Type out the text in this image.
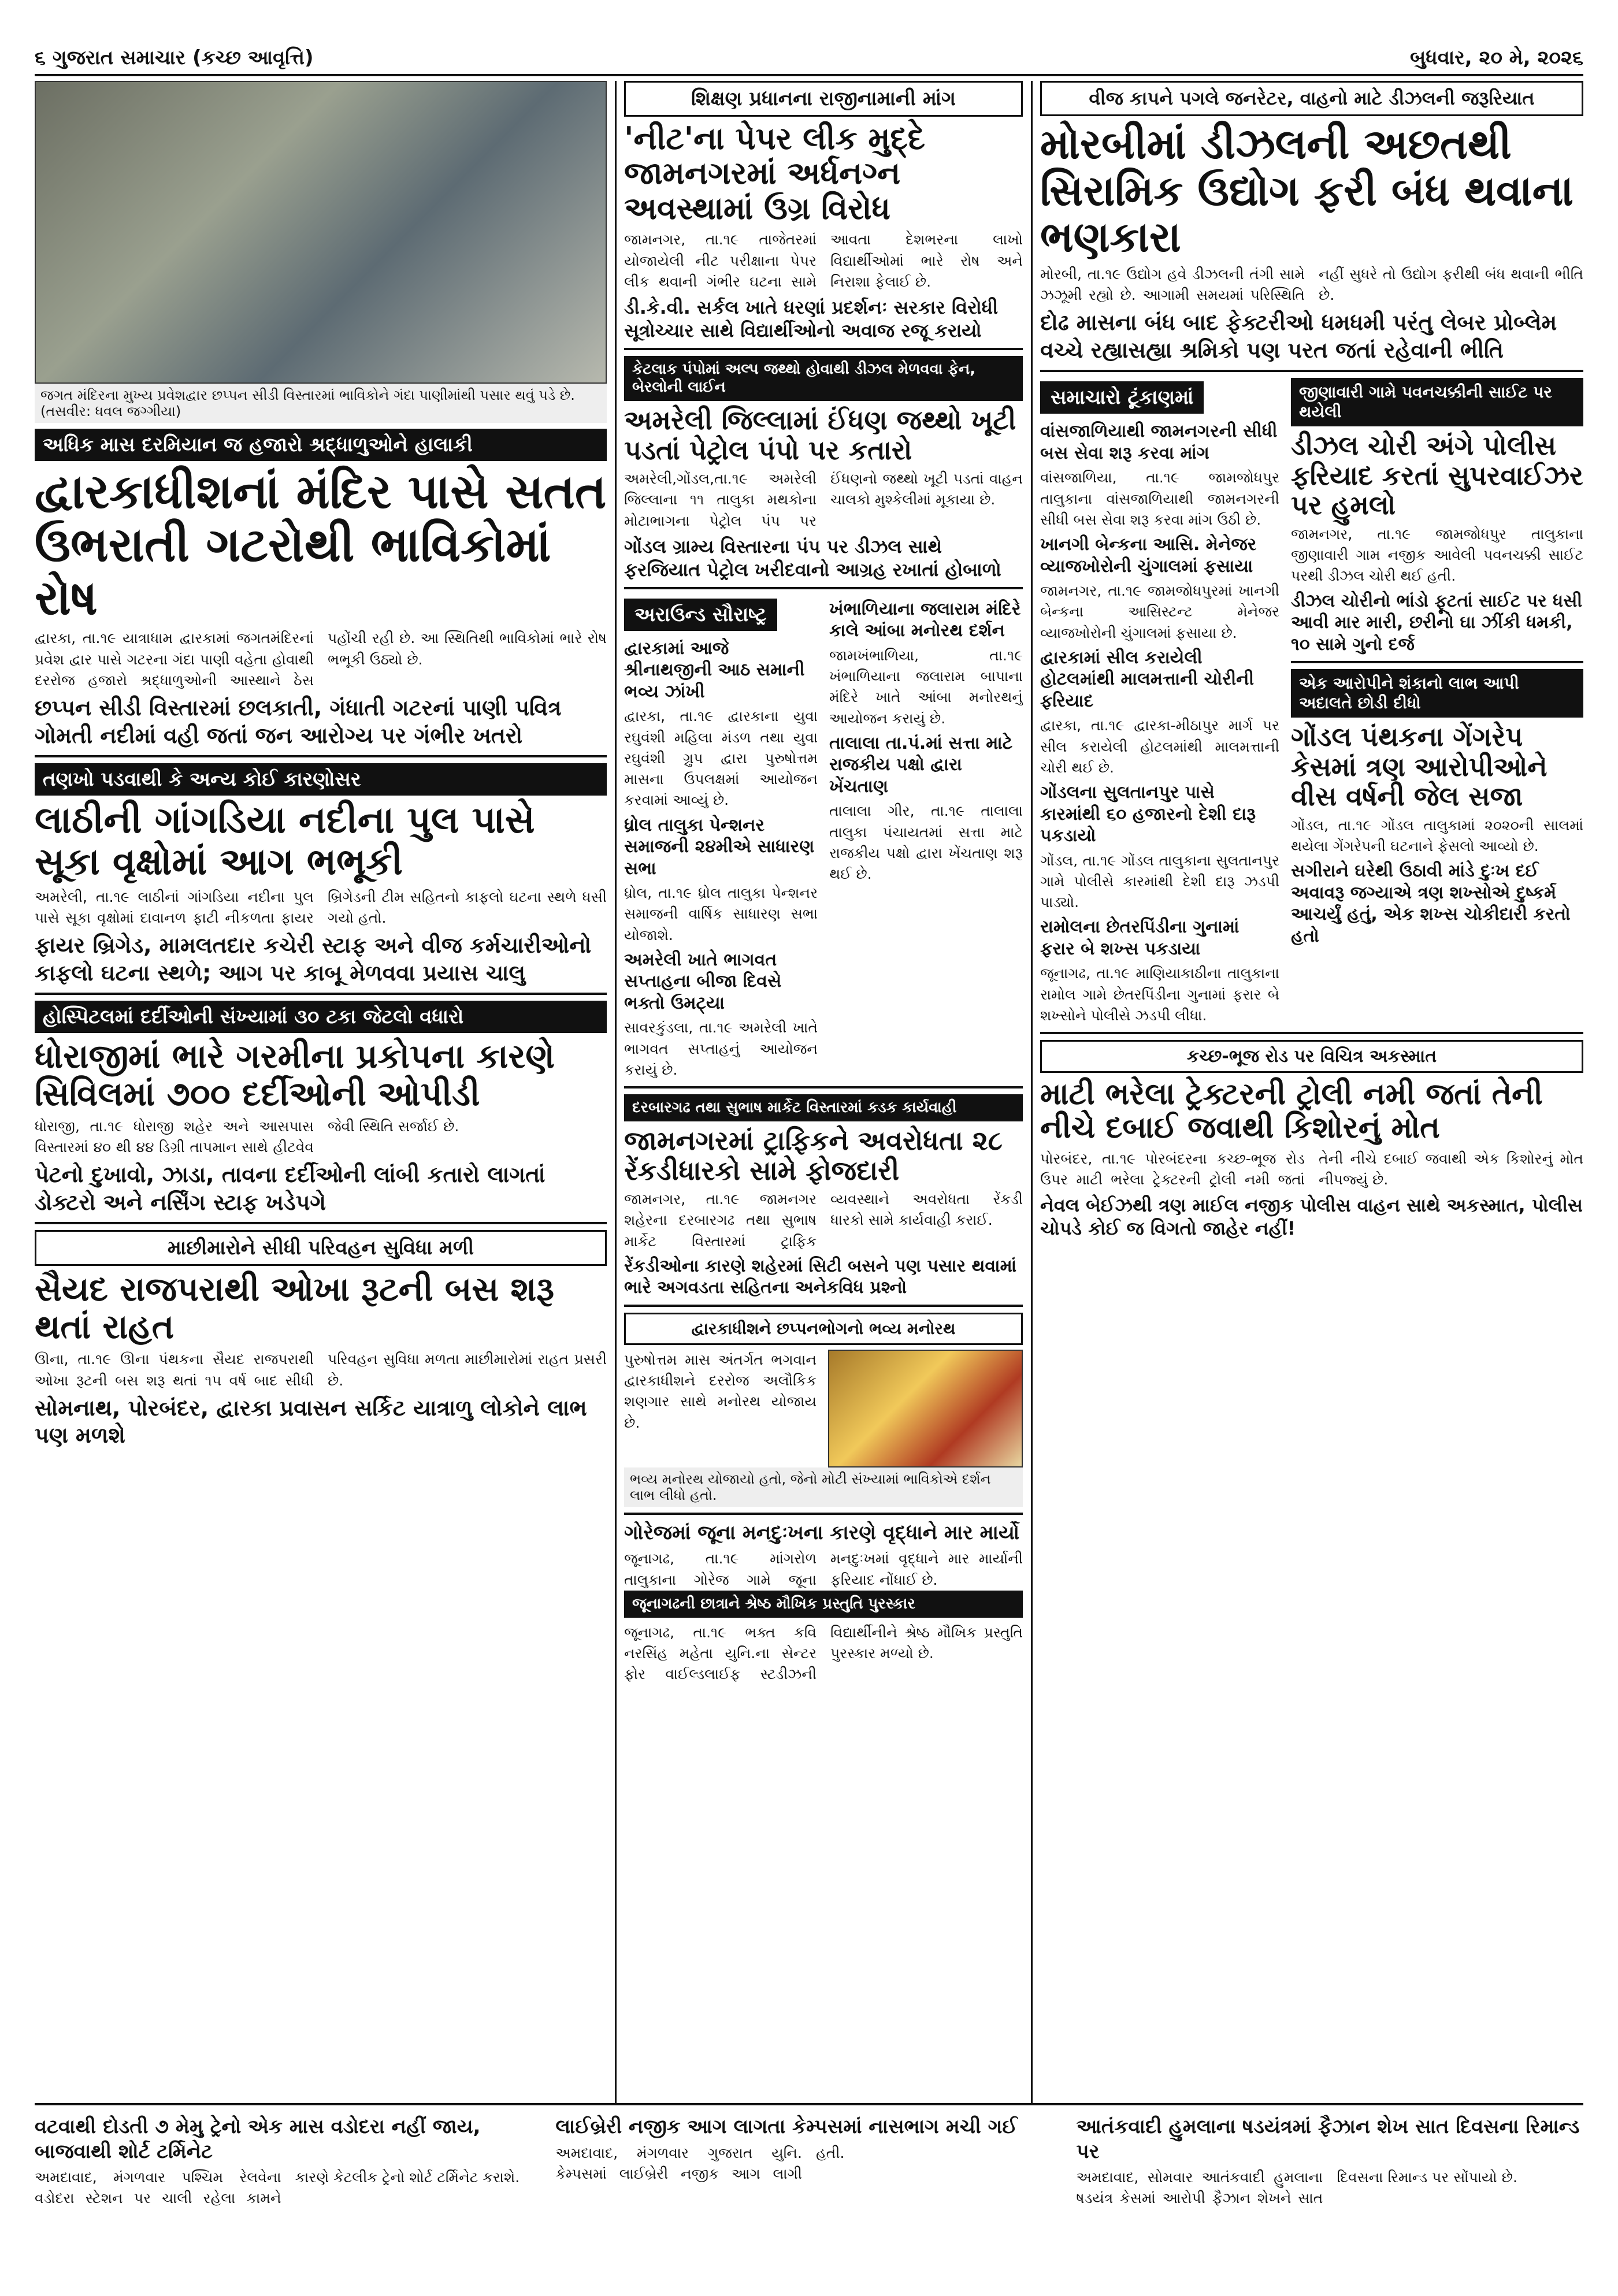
૬ ગુજરાત સમાચાર (કચ્છ આવૃત્તિ)	બુધવાર, ૨૦ મે, ૨૦૨૬
જગત મંદિરના મુખ્ય પ્રવેશદ્વાર છપ્પન સીડી વિસ્તારમાં ભાવિકોને ગંદા પાણીમાંથી પસાર થવું પડે છે. (તસવીર: ધવલ જગ્ગીયા)
અધિક માસ દરમિયાન જ હજારો શ્રદ્ધાળુઓને હાલાકી
દ્વારકાધીશનાં મંદિર પાસે સતત ઉભરાતી ગટરોથી ભાવિકોમાં રોષ
દ્વારકા, તા.૧૯ યાત્રાધામ દ્વારકામાં જગતમંદિરનાં પ્રવેશ દ્વાર પાસે ગટરના ગંદા પાણી વહેતા હોવાથી દરરોજ હજારો શ્રદ્ધાળુઓની આસ્થાને ઠેસ પહોંચી રહી છે. આ સ્થિતિથી ભાવિકોમાં ભારે રોષ ભભૂકી ઉઠ્યો છે.
છપ્પન સીડી વિસ્તારમાં છલકાતી, ગંધાતી ગટરનાં પાણી પવિત્ર ગોમતી નદીમાં વહી જતાં જન આરોગ્ય પર ગંભીર ખતરો
તણખો પડવાથી કે અન્ય કોઈ કારણોસર
લાઠીની ગાંગડિયા નદીના પુલ પાસે સૂકા વૃક્ષોમાં આગ ભભૂકી
અમરેલી, તા.૧૯ લાઠીનાં ગાંગડિયા નદીના પુલ પાસે સૂકા વૃક્ષોમાં દાવાનળ ફાટી નીકળતા ફાયર બ્રિગેડની ટીમ સહિતનો કાફલો ઘટના સ્થળે ધસી ગયો હતો.
ફાયર બ્રિગેડ, મામલતદાર કચેરી સ્ટાફ અને વીજ કર્મચારીઓનો કાફલો ઘટના સ્થળે; આગ પર કાબૂ મેળવવા પ્રયાસ ચાલુ
હોસ્પિટલમાં દર્દીઓની સંખ્યામાં ૩૦ ટકા જેટલો વધારો
ધોરાજીમાં ભારે ગરમીના પ્રકોપના કારણે સિવિલમાં ૭૦૦ દર્દીઓની ઓપીડી
ધોરાજી, તા.૧૯ ધોરાજી શહેર અને આસપાસ વિસ્તારમાં ૪૦ થી ૪૪ ડિગ્રી તાપમાન સાથે હીટવેવ જેવી સ્થિતિ સર્જાઈ છે.
પેટનો દુખાવો, ઝાડા, તાવના દર્દીઓની લાંબી કતારો લાગતાં ડોક્ટરો અને નર્સિંગ સ્ટાફ ખડેપગે
માછીમારોને સીધી પરિવહન સુવિધા મળી
સૈયદ રાજપરાથી ઓખા રૂટની બસ શરૂ થતાં રાહત
ઊના, તા.૧૯ ઊના પંથકના સૈયદ રાજપરાથી ઓખા રૂટની બસ શરૂ થતાં ૧૫ વર્ષ બાદ સીધી પરિવહન સુવિધા મળતા માછીમારોમાં રાહત પ્રસરી છે.
સોમનાથ, પોરબંદર, દ્વારકા પ્રવાસન સર્કિટ યાત્રાળુ લોકોને લાભ પણ મળશે
શિક્ષણ પ્રધાનના રાજીનામાની માંગ
'નીટ'ના પેપર લીક મુદ્દે જામનગરમાં અર્ધનગ્ન અવસ્થામાં ઉગ્ર વિરોધ
જામનગર, તા.૧૯ તાજેતરમાં યોજાયેલી નીટ પરીક્ષાના પેપર લીક થવાની ગંભીર ઘટના સામે આવતા દેશભરના લાખો વિદ્યાર્થીઓમાં ભારે રોષ અને નિરાશા ફેલાઈ છે.
ડી.કે.વી. સર્કલ ખાતે ધરણાં પ્રદર્શનઃ સરકાર વિરોધી સૂત્રોચ્ચાર સાથે વિદ્યાર્થીઓનો અવાજ રજૂ કરાયો
કેટલાક પંપોમાં અલ્પ જથ્થો હોવાથી ડીઝલ મેળવવા ફેન, બેરલોની લાઈન
અમરેલી જિલ્લામાં ઈંધણ જથ્થો ખૂટી પડતાં પેટ્રોલ પંપો પર કતારો
અમરેલી,ગોંડલ,તા.૧૯ અમરેલી જિલ્લાના ૧૧ તાલુકા મથકોના મોટાભાગના પેટ્રોલ પંપ પર ઈંધણનો જથ્થો ખૂટી પડતાં વાહન ચાલકો મુશ્કેલીમાં મૂકાયા છે.
ગોંડલ ગ્રામ્ય વિસ્તારના પંપ પર ડીઝલ સાથે ફરજિયાત પેટ્રોલ ખરીદવાનો આગ્રહ રખાતાં હોબાળો
અરાઉન્ડ સૌરાષ્ટ્ર
દ્વારકામાં આજે શ્રીનાથજીની આઠ સમાની ભવ્ય ઝાંખી
દ્વારકા, તા.૧૯ દ્વારકાના યુવા રઘુવંશી મહિલા મંડળ તથા યુવા રઘુવંશી ગ્રુપ દ્વારા પુરુષોત્તમ માસના ઉપલક્ષમાં આયોજન કરવામાં આવ્યું છે.
ધ્રોલ તાલુકા પેન્શનર સમાજની ૨૪મીએ સાધારણ સભા
ધ્રોલ, તા.૧૯ ધ્રોલ તાલુકા પેન્શનર સમાજની વાર્ષિક સાધારણ સભા યોજાશે.
અમરેલી ખાતે ભાગવત સપ્તાહના બીજા દિવસે ભક્તો ઉમટ્યા
સાવરકુંડલા, તા.૧૯ અમરેલી ખાતે ભાગવત સપ્તાહનું આયોજન કરાયું છે.
ખંભાળિયાના જલારામ મંદિરે કાલે આંબા મનોરથ દર્શન
જામખંભાળિયા, તા.૧૯ ખંભાળિયાના જલારામ બાપાના મંદિરે ખાતે આંબા મનોરથનું આયોજન કરાયું છે.
તાલાલા તા.પં.માં સત્તા માટે રાજકીય પક્ષો દ્વારા ખેંચતાણ
તાલાલા ગીર, તા.૧૯ તાલાલા તાલુકા પંચાયતમાં સત્તા માટે રાજકીય પક્ષો દ્વારા ખેંચતાણ શરૂ થઈ છે.
દરબારગઢ તથા સુભાષ માર્કેટ વિસ્તારમાં કડક કાર્યવાહી
જામનગરમાં ટ્રાફિકને અવરોધતા ૨૮ રેંકડીધારકો સામે ફોજદારી
જામનગર, તા.૧૯ જામનગર શહેરના દરબારગઢ તથા સુભાષ માર્કેટ વિસ્તારમાં ટ્રાફિક વ્યવસ્થાને અવરોધતા રેંકડી ધારકો સામે કાર્યવાહી કરાઈ.
રેંકડીઓના કારણે શહેરમાં સિટી બસને પણ પસાર થવામાં ભારે અગવડતા સહિતના અનેકવિધ પ્રશ્નો
દ્વારકાધીશને છપ્પનભોગનો ભવ્ય મનોરથ
પુરુષોત્તમ માસ અંતર્ગત ભગવાન દ્વારકાધીશને દરરોજ અલૌકિક શણગાર સાથે મનોરથ યોજાય છે.
ભવ્ય મનોરથ યોજાયો હતો, જેનો મોટી સંખ્યામાં ભાવિકોએ દર્શન લાભ લીધો હતો.
ગોરેજમાં જૂના મનદુઃખના કારણે વૃદ્ધાને માર માર્યો
જૂનાગઢ, તા.૧૯ માંગરોળ તાલુકાના ગોરેજ ગામે જૂના મનદુઃખમાં વૃદ્ધાને માર માર્યાની ફરિયાદ નોંધાઈ છે.
જૂનાગઢની છાત્રાને શ્રેષ્ઠ મૌખિક પ્રસ્તુતિ પુરસ્કાર
જૂનાગઢ, તા.૧૯ ભક્ત કવિ નરસિંહ મહેતા યુનિ.ના સેન્ટર ફોર વાઈલ્ડલાઈફ સ્ટડીઝની વિદ્યાર્થીનીને શ્રેષ્ઠ મૌખિક પ્રસ્તુતિ પુરસ્કાર મળ્યો છે.
વીજ કાપને પગલે જનરેટર, વાહનો માટે ડીઝલની જરૂરિયાત
મોરબીમાં ડીઝલની અછતથી સિરામિક ઉદ્યોગ ફરી બંધ થવાના ભણકારા
મોરબી, તા.૧૯ ઉદ્યોગ હવે ડીઝલની તંગી સામે ઝઝૂમી રહ્યો છે. આગામી સમયમાં પરિસ્થિતિ નહીં સુધરે તો ઉદ્યોગ ફરીથી બંધ થવાની ભીતિ છે.
દોઢ માસના બંધ બાદ ફેક્ટરીઓ ધમધમી પરંતુ લેબર પ્રોબ્લેમ વચ્ચે રહ્યાસહ્યા શ્રમિકો પણ પરત જતાં રહેવાની ભીતિ
સમાચારો ટૂંકાણમાં
વાંસજાળિયાથી જામનગરની સીધી બસ સેવા શરૂ કરવા માંગ
વાંસજાળિયા, તા.૧૯ જામજોધપુર તાલુકાના વાંસજાળિયાથી જામનગરની સીધી બસ સેવા શરૂ કરવા માંગ ઉઠી છે.
ખાનગી બેન્કના આસિ. મેનેજર વ્યાજખોરોની ચુંગાલમાં ફસાયા
જામનગર, તા.૧૯ જામજોધપુરમાં ખાનગી બેન્કના આસિસ્ટન્ટ મેનેજર વ્યાજખોરોની ચુંગાલમાં ફસાયા છે.
દ્વારકામાં સીલ કરાયેલી હોટલમાંથી માલમત્તાની ચોરીની ફરિયાદ
દ્વારકા, તા.૧૯ દ્વારકા-મીઠાપુર માર્ગ પર સીલ કરાયેલી હોટલમાંથી માલમત્તાની ચોરી થઈ છે.
ગોંડલના સુલતાનપુર પાસે કારમાંથી ૬૦ હજારનો દેશી દારૂ પકડાયો
ગોંડલ, તા.૧૯ ગોંડલ તાલુકાના સુલતાનપુર ગામે પોલીસે કારમાંથી દેશી દારૂ ઝડપી પાડ્યો.
રામોલના છેતરપિંડીના ગુનામાં ફરાર બે શખ્સ પકડાયા
જૂનાગઢ, તા.૧૯ માણિયાકાઠીના તાલુકાના રામોલ ગામે છેતરપિંડીના ગુનામાં ફરાર બે શખ્સોને પોલીસે ઝડપી લીધા.
જીણાવારી ગામે પવનચક્કીની સાઈટ પર થયેલી
ડીઝલ ચોરી અંગે પોલીસ ફરિયાદ કરતાં સુપરવાઈઝર પર હુમલો
જામનગર, તા.૧૯ જામજોધપુર તાલુકાના જીણાવારી ગામ નજીક આવેલી પવનચક્કી સાઈટ પરથી ડીઝલ ચોરી થઈ હતી.
ડીઝલ ચોરીનો ભાંડો ફૂટતાં સાઈટ પર ધસી આવી માર મારી, છરીનો ઘા ઝીંકી ધમકી, ૧૦ સામે ગુનો દર્જ
એક આરોપીને શંકાનો લાભ આપી અદાલતે છોડી દીધો
ગોંડલ પંથકના ગેંગરેપ કેસમાં ત્રણ આરોપીઓને વીસ વર્ષની જેલ સજા
ગોંડલ, તા.૧૯ ગોંડલ તાલુકામાં ૨૦૨૦ની સાલમાં થયેલા ગેંગરેપની ઘટનાને ફેસલો આવ્યો છે.
સગીરાને ઘરેથી ઉઠાવી માંડે દુઃખ દઈ અવાવરૂ જગ્યાએ ત્રણ શખ્સોએ દુષ્કર્મ આચર્યું હતું, એક શખ્સ ચોકીદારી કરતો હતો
કચ્છ-ભૂજ રોડ પર વિચિત્ર અકસ્માત
માટી ભરેલા ટ્રેક્ટરની ટ્રોલી નમી જતાં તેની નીચે દબાઈ જવાથી કિશોરનું મોત
પોરબંદર, તા.૧૯ પોરબંદરના કચ્છ-ભૂજ રોડ ઉપર માટી ભરેલા ટ્રેક્ટરની ટ્રોલી નમી જતાં તેની નીચે દબાઈ જવાથી એક કિશોરનું મોત નીપજ્યું છે.
નેવલ બેઈઝથી ત્રણ માઈલ નજીક પોલીસ વાહન સાથે અકસ્માત, પોલીસ ચોપડે કોઈ જ વિગતો જાહેર નહીં!
વટવાથી દોડતી ૭ મેમુ ટ્રેનો એક માસ વડોદરા નહીં જાય, બાજવાથી શોર્ટ ટર્મિનેટ
અમદાવાદ, મંગળવાર પશ્ચિમ રેલવેના વડોદરા સ્ટેશન પર ચાલી રહેલા કામને કારણે કેટલીક ટ્રેનો શોર્ટ ટર્મિનેટ કરાશે.
લાઈબ્રેરી નજીક આગ લાગતા કેમ્પસમાં નાસભાગ મચી ગઈ
અમદાવાદ, મંગળવાર ગુજરાત યુનિ. કેમ્પસમાં લાઈબ્રેરી નજીક આગ લાગી હતી.
આતંકવાદી હુમલાના ષડયંત્રમાં ફૈઝાન શેખ સાત દિવસના રિમાન્ડ પર
અમદાવાદ, સોમવાર આતંકવાદી હુમલાના ષડયંત્ર કેસમાં આરોપી ફૈઝાન શેખને સાત દિવસના રિમાન્ડ પર સોંપાયો છે.
